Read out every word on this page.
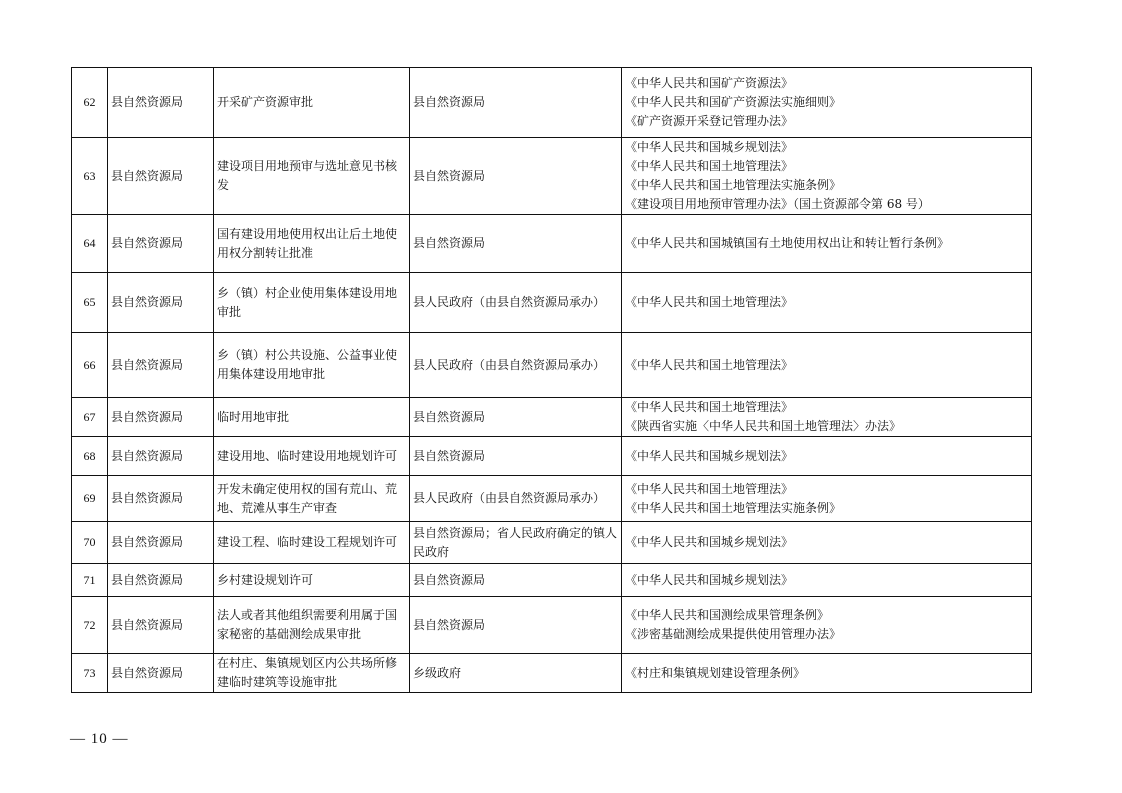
62	县自然资源局	开采矿产资源审批	县自然资源局	《中华人民共和国矿产资源法》
《中华人民共和国矿产资源法实施细则》
《矿产资源开采登记管理办法》

63	县自然资源局	建设项目用地预审与选址意见书核发	县自然资源局	《中华人民共和国城乡规划法》
《中华人民共和国土地管理法》
《中华人民共和国土地管理法实施条例》
《建设项目用地预审管理办法》（国土资源部令第 68 号）

64	县自然资源局	国有建设用地使用权出让后土地使用权分割转让批准	县自然资源局	《中华人民共和国城镇国有土地使用权出让和转让暂行条例》

65	县自然资源局	乡（镇）村企业使用集体建设用地审批	县人民政府（由县自然资源局承办）	《中华人民共和国土地管理法》

66	县自然资源局	乡（镇）村公共设施、公益事业使用集体建设用地审批	县人民政府（由县自然资源局承办）	《中华人民共和国土地管理法》

67	县自然资源局	临时用地审批	县自然资源局	《中华人民共和国土地管理法》
《陕西省实施〈中华人民共和国土地管理法〉办法》

68	县自然资源局	建设用地、临时建设用地规划许可	县自然资源局	《中华人民共和国城乡规划法》

69	县自然资源局	开发未确定使用权的国有荒山、荒地、荒滩从事生产审查	县人民政府（由县自然资源局承办）	《中华人民共和国土地管理法》
《中华人民共和国土地管理法实施条例》

70	县自然资源局	建设工程、临时建设工程规划许可	县自然资源局；省人民政府确定的镇人民政府	《中华人民共和国城乡规划法》

71	县自然资源局	乡村建设规划许可	县自然资源局	《中华人民共和国城乡规划法》

72	县自然资源局	法人或者其他组织需要利用属于国家秘密的基础测绘成果审批	县自然资源局	《中华人民共和国测绘成果管理条例》
《涉密基础测绘成果提供使用管理办法》

73	县自然资源局	在村庄、集镇规划区内公共场所修建临时建筑等设施审批	乡级政府	《村庄和集镇规划建设管理条例》
— 10 —
